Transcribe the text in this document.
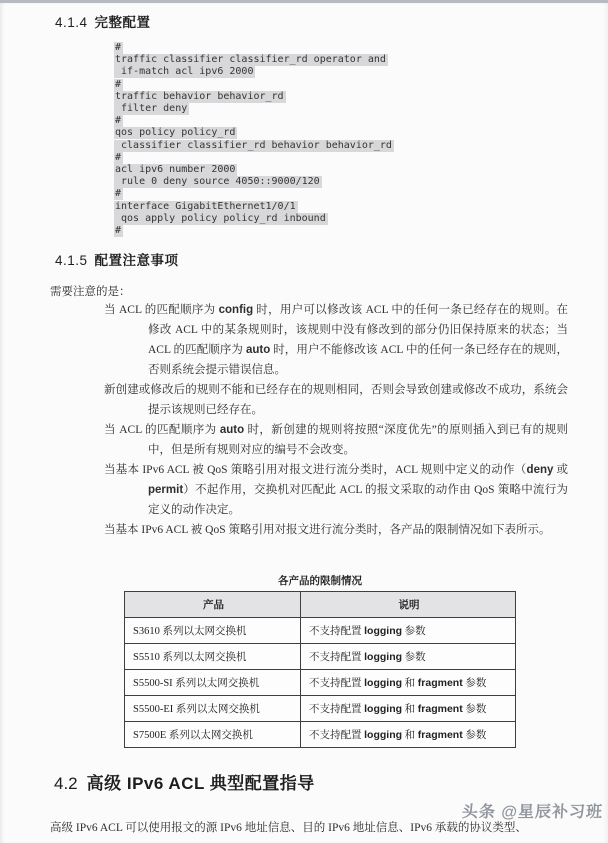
4.1.4 完整配置
#
traffic classifier classifier_rd operator and
if-match acl ipv6 2000
#
traffic behavior behavior_rd
filter deny
#
qos policy policy_rd
classifier classifier_rd behavior behavior_rd
#
acl ipv6 number 2000
rule 0 deny source 4050::9000/120
#
interface GigabitEthernet1/0/1
qos apply policy policy_rd inbound
#
4.1.5 配置注意事项

需要注意的是：

当 ACL 的匹配顺序为 config 时，用户可以修改该 ACL 中的任何一条已经存在的规则。在修改 ACL 中的某条规则时，该规则中没有修改到的部分仍旧保持原来的状态；当 ACL 的匹配顺序为 auto 时，用户不能修改该 ACL 中的任何一条已经存在的规则，否则系统会提示错误信息。

新创建或修改后的规则不能和已经存在的规则相同，否则会导致创建或修改不成功，系统会提示该规则已经存在。

当 ACL 的匹配顺序为 auto 时，新创建的规则将按照“深度优先”的原则插入到已有的规则中，但是所有规则对应的编号不会改变。

当基本 IPv6 ACL 被 QoS 策略引用对报文进行流分类时，ACL 规则中定义的动作（deny 或 permit）不起作用，交换机对匹配此 ACL 的报文采取的动作由 QoS 策略中流行为定义的动作决定。

当基本 IPv6 ACL 被 QoS 策略引用对报文进行流分类时，各产品的限制情况如下表所示。

各产品的限制情况

产品	说明
S3610 系列以太网交换机	不支持配置 logging 参数
S5510 系列以太网交换机	不支持配置 logging 参数
S5500-SI 系列以太网交换机	不支持配置 logging 和 fragment 参数
S5500-EI 系列以太网交换机	不支持配置 logging 和 fragment 参数
S7500E 系列以太网交换机	不支持配置 logging 和 fragment 参数
4.2 高级 IPv6 ACL 典型配置指导

高级 IPv6 ACL 可以使用报文的源 IPv6 地址信息、目的 IPv6 地址信息、IPv6 承载的协议类型、

头条 @星辰补习班
